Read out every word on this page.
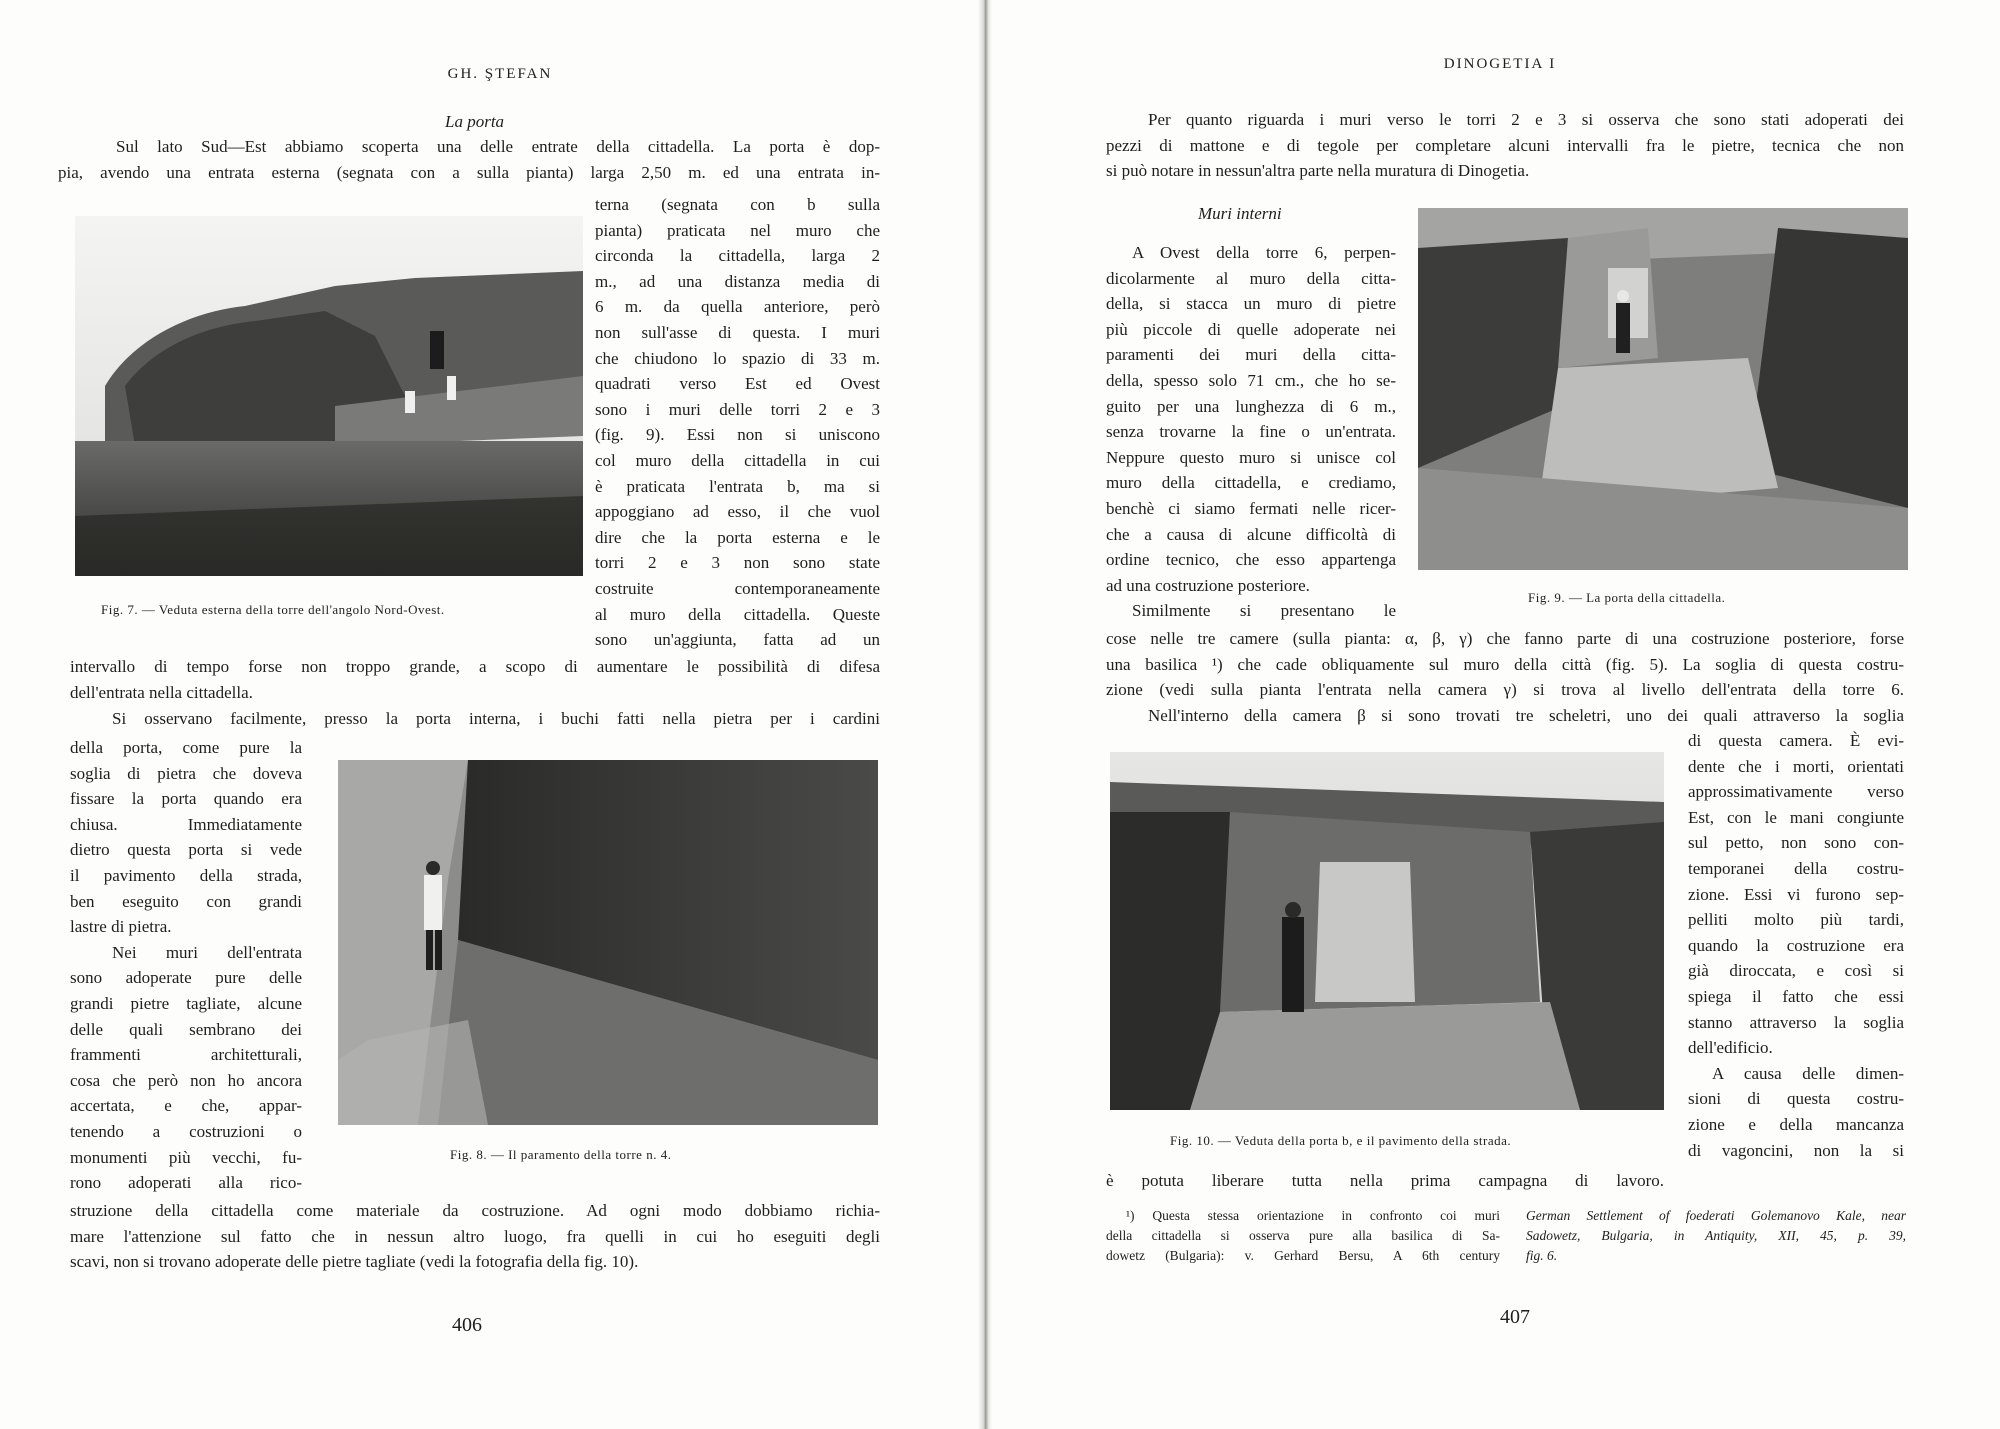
GH. ŞTEFAN
La porta
Sul lato Sud—Est abbiamo scoperta una delle entrate della cittadella. La porta è dop-
pia, avendo una entrata esterna (segnata con a sulla pianta) larga 2,50 m. ed una entrata in-
Fig. 7. — Veduta esterna della torre dell'angolo Nord-Ovest.
terna (segnata con b sulla
pianta) praticata nel muro che
circonda la cittadella, larga 2
m., ad una distanza media di
6 m. da quella anteriore, però
non sull'asse di questa. I muri
che chiudono lo spazio di 33 m.
quadrati verso Est ed Ovest
sono i muri delle torri 2 e 3
(fig. 9). Essi non si uniscono
col muro della cittadella in cui
è praticata l'entrata b, ma si
appoggiano ad esso, il che vuol
dire che la porta esterna e le
torri 2 e 3 non sono state
costruite contemporaneamente
al muro della cittadella. Queste
sono un'aggiunta, fatta ad un
intervallo di tempo forse non troppo grande, a scopo di aumentare le possibilità di difesa
dell'entrata nella cittadella.
Si osservano facilmente, presso la porta interna, i buchi fatti nella pietra per i cardini
Fig. 8. — Il paramento della torre n. 4.
della porta, come pure la
soglia di pietra che doveva
fissare la porta quando era
chiusa. Immediatamente
dietro questa porta si vede
il pavimento della strada,
ben eseguito con grandi
lastre di pietra.
Nei muri dell'entrata
sono adoperate pure delle
grandi pietre tagliate, alcune
delle quali sembrano dei
frammenti architetturali,
cosa che però non ho ancora
accertata, e che, appar-
tenendo a costruzioni o
monumenti più vecchi, fu-
rono adoperati alla rico-
struzione della cittadella come materiale da costruzione. Ad ogni modo dobbiamo richia-
mare l'attenzione sul fatto che in nessun altro luogo, fra quelli in cui ho eseguiti degli
scavi, non si trovano adoperate delle pietre tagliate (vedi la fotografia della fig. 10).
406
DINOGETIA I
Per quanto riguarda i muri verso le torri 2 e 3 si osserva che sono stati adoperati dei
pezzi di mattone e di tegole per completare alcuni intervalli fra le pietre, tecnica che non
si può notare in nessun'altra parte nella muratura di Dinogetia.
Muri interni
A Ovest della torre 6, perpen-
dicolarmente al muro della citta-
della, si stacca un muro di pietre
più piccole di quelle adoperate nei
paramenti dei muri della citta-
della, spesso solo 71 cm., che ho se-
guito per una lunghezza di 6 m.,
senza trovarne la fine o un'entrata.
Neppure questo muro si unisce col
muro della cittadella, e crediamo,
benchè ci siamo fermati nelle ricer-
che a causa di alcune difficoltà di
ordine tecnico, che esso appartenga
ad una costruzione posteriore.
Similmente si presentano le
Fig. 9. — La porta della cittadella.
cose nelle tre camere (sulla pianta: α, β, γ) che fanno parte di una costruzione posteriore, forse
una basilica ¹) che cade obliquamente sul muro della città (fig. 5). La soglia di questa costru-
zione (vedi sulla pianta l'entrata nella camera γ) si trova al livello dell'entrata della torre 6.
Nell'interno della camera β si sono trovati tre scheletri, uno dei quali attraverso la soglia
Fig. 10. — Veduta della porta b, e il pavimento della strada.
di questa camera. È evi-
dente che i morti, orientati
approssimativamente verso
Est, con le mani congiunte
sul petto, non sono con-
temporanei della costru-
zione. Essi vi furono sep-
pelliti molto più tardi,
quando la costruzione era
già diroccata, e così si
spiega il fatto che essi
stanno attraverso la soglia
dell'edificio.
A causa delle dimen-
sioni di questa costru-
zione e della mancanza
di vagoncini, non la si
è potuta liberare tutta nella prima campagna di lavoro.
¹) Questa stessa orientazione in confronto coi muri
della cittadella si osserva pure alla basilica di Sa-
dowetz (Bulgaria): v. Gerhard Bersu, A 6th century
German Settlement of foederati Golemanovo Kale, near
Sadowetz, Bulgaria, in Antiquity, XII, 45, p. 39,
fig. 6.
407
